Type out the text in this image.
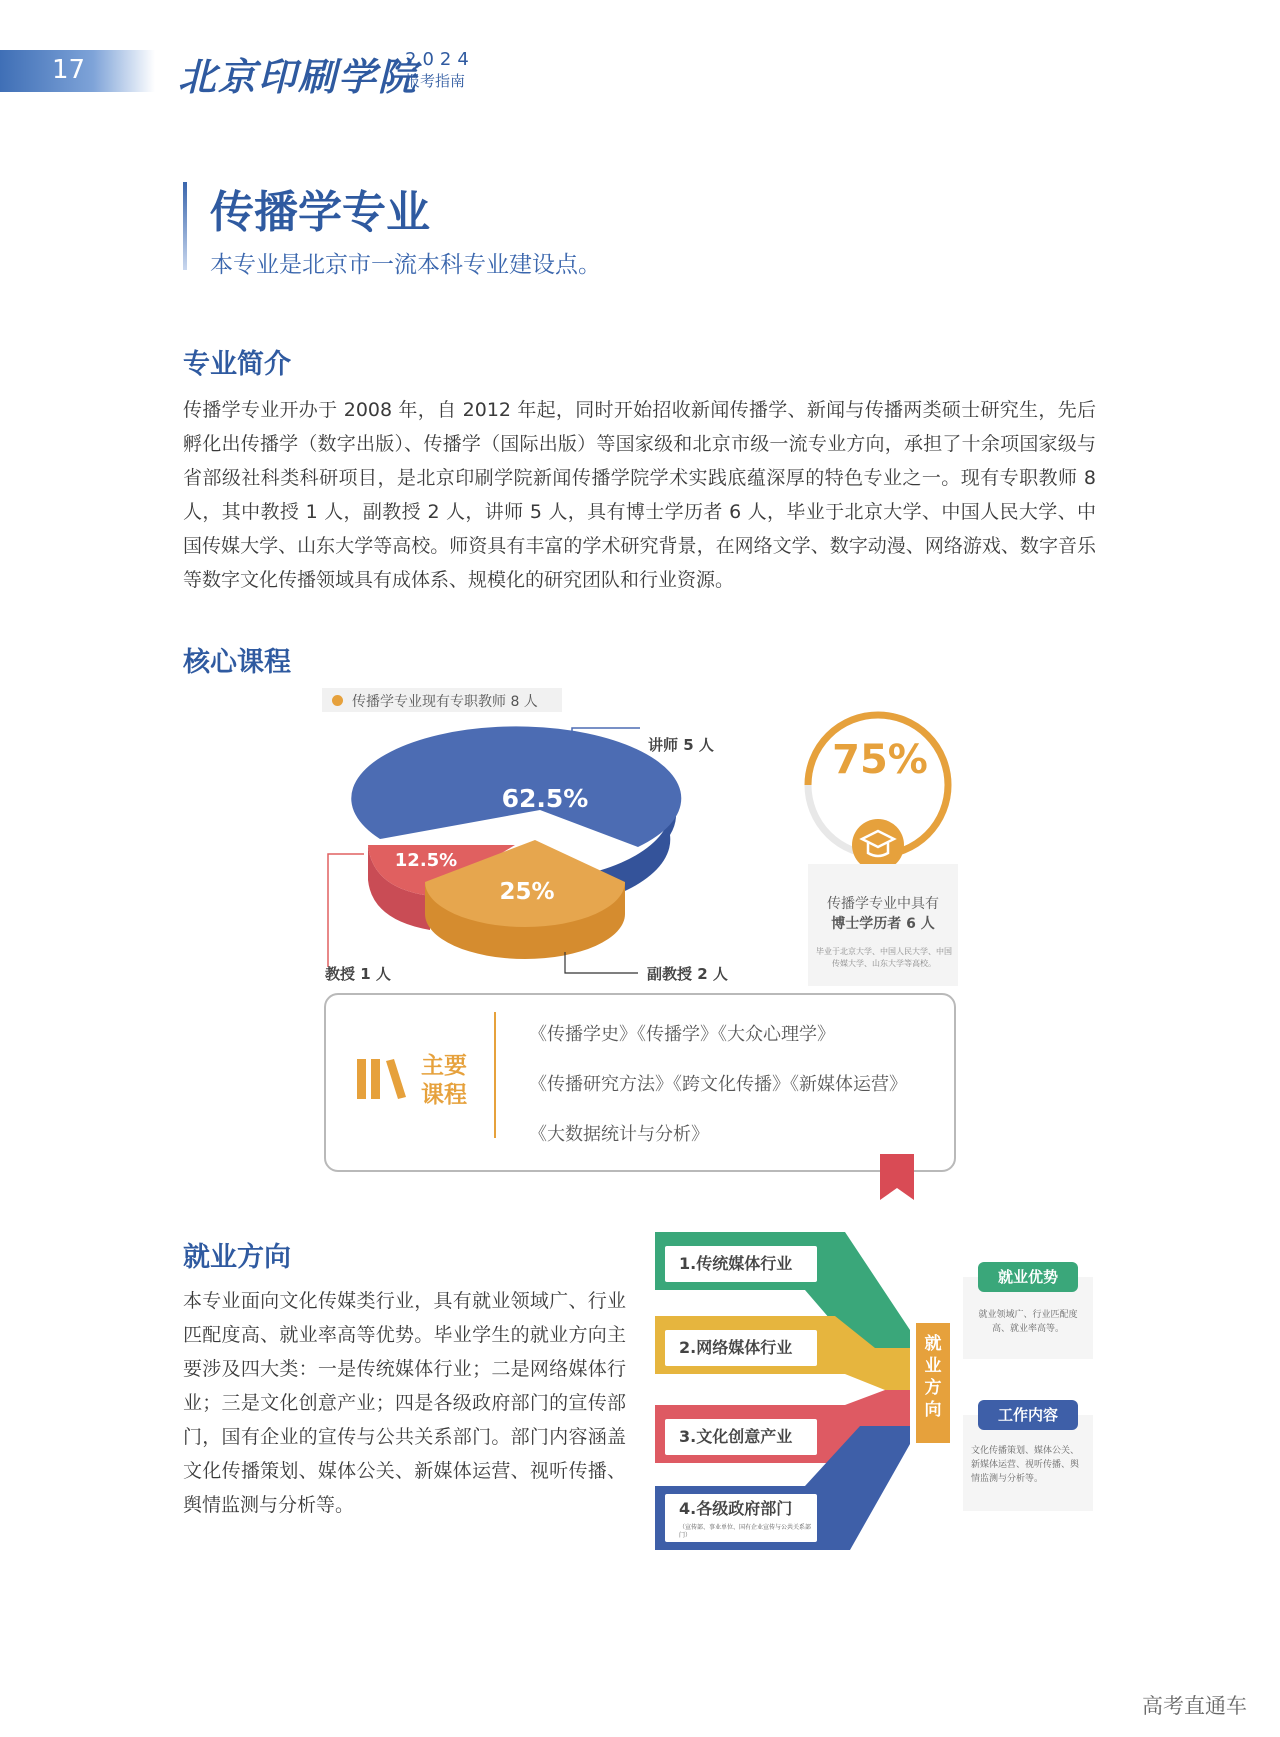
17 北京印刷学院
2024
报考指南
传播学专业
本专业是北京市一流本科专业建设点。
专业简介
传播学专业开办于 2008 年，自 2012 年起，同时开始招收新闻传播学、新闻与传播两类硕士研究生，先后孵化出传播学（数字出版）、传播学（国际出版）等国家级和北京市级一流专业方向，承担了十余项国家级与省部级社科类科研项目，是北京印刷学院新闻传播学院学术实践底蕴深厚的特色专业之一。现有专职教师 8 人，其中教授 1 人，副教授 2 人，讲师 5 人，具有博士学历者 6 人，毕业于北京大学、中国人民大学、中国传媒大学、山东大学等高校。师资具有丰富的学术研究背景，在网络文学、数字动漫、网络游戏、数字音乐等数字文化传播领域具有成体系、规模化的研究团队和行业资源。
核心课程
传播学专业现有专职教师 8 人
62.5%
12.5%
25%
讲师 5 人
教授 1 人	副教授 2 人
75%
传播学专业中具有
博士学历者 6 人
毕业于北京大学、中国人民大学、中国传媒大学、山东大学等高校。
主要
课程
《传播学史》《传播学》《大众心理学》
《传播研究方法》《跨文化传播》《新媒体运营》
《大数据统计与分析》
就业方向
本专业面向文化传媒类行业，具有就业领域广、行业匹配度高、就业率高等优势。毕业学生的就业方向主要涉及四大类：一是传统媒体行业；二是网络媒体行业；三是文化创意产业；四是各级政府部门的宣传部门，国有企业的宣传与公共关系部门。部门内容涵盖文化传播策划、媒体公关、新媒体运营、视听传播、舆情监测与分析等。
1.传统媒体行业
2.网络媒体行业
3.文化创意产业
4.各级政府部门
（宣传部、事业单位、国有企业宣传与公共关系部门）
就业方向
就业优势
就业领域广、行业匹配度高、就业率高等。
工作内容
文化传播策划、媒体公关、新媒体运营、视听传播、舆情监测与分析等。
高考直通车
